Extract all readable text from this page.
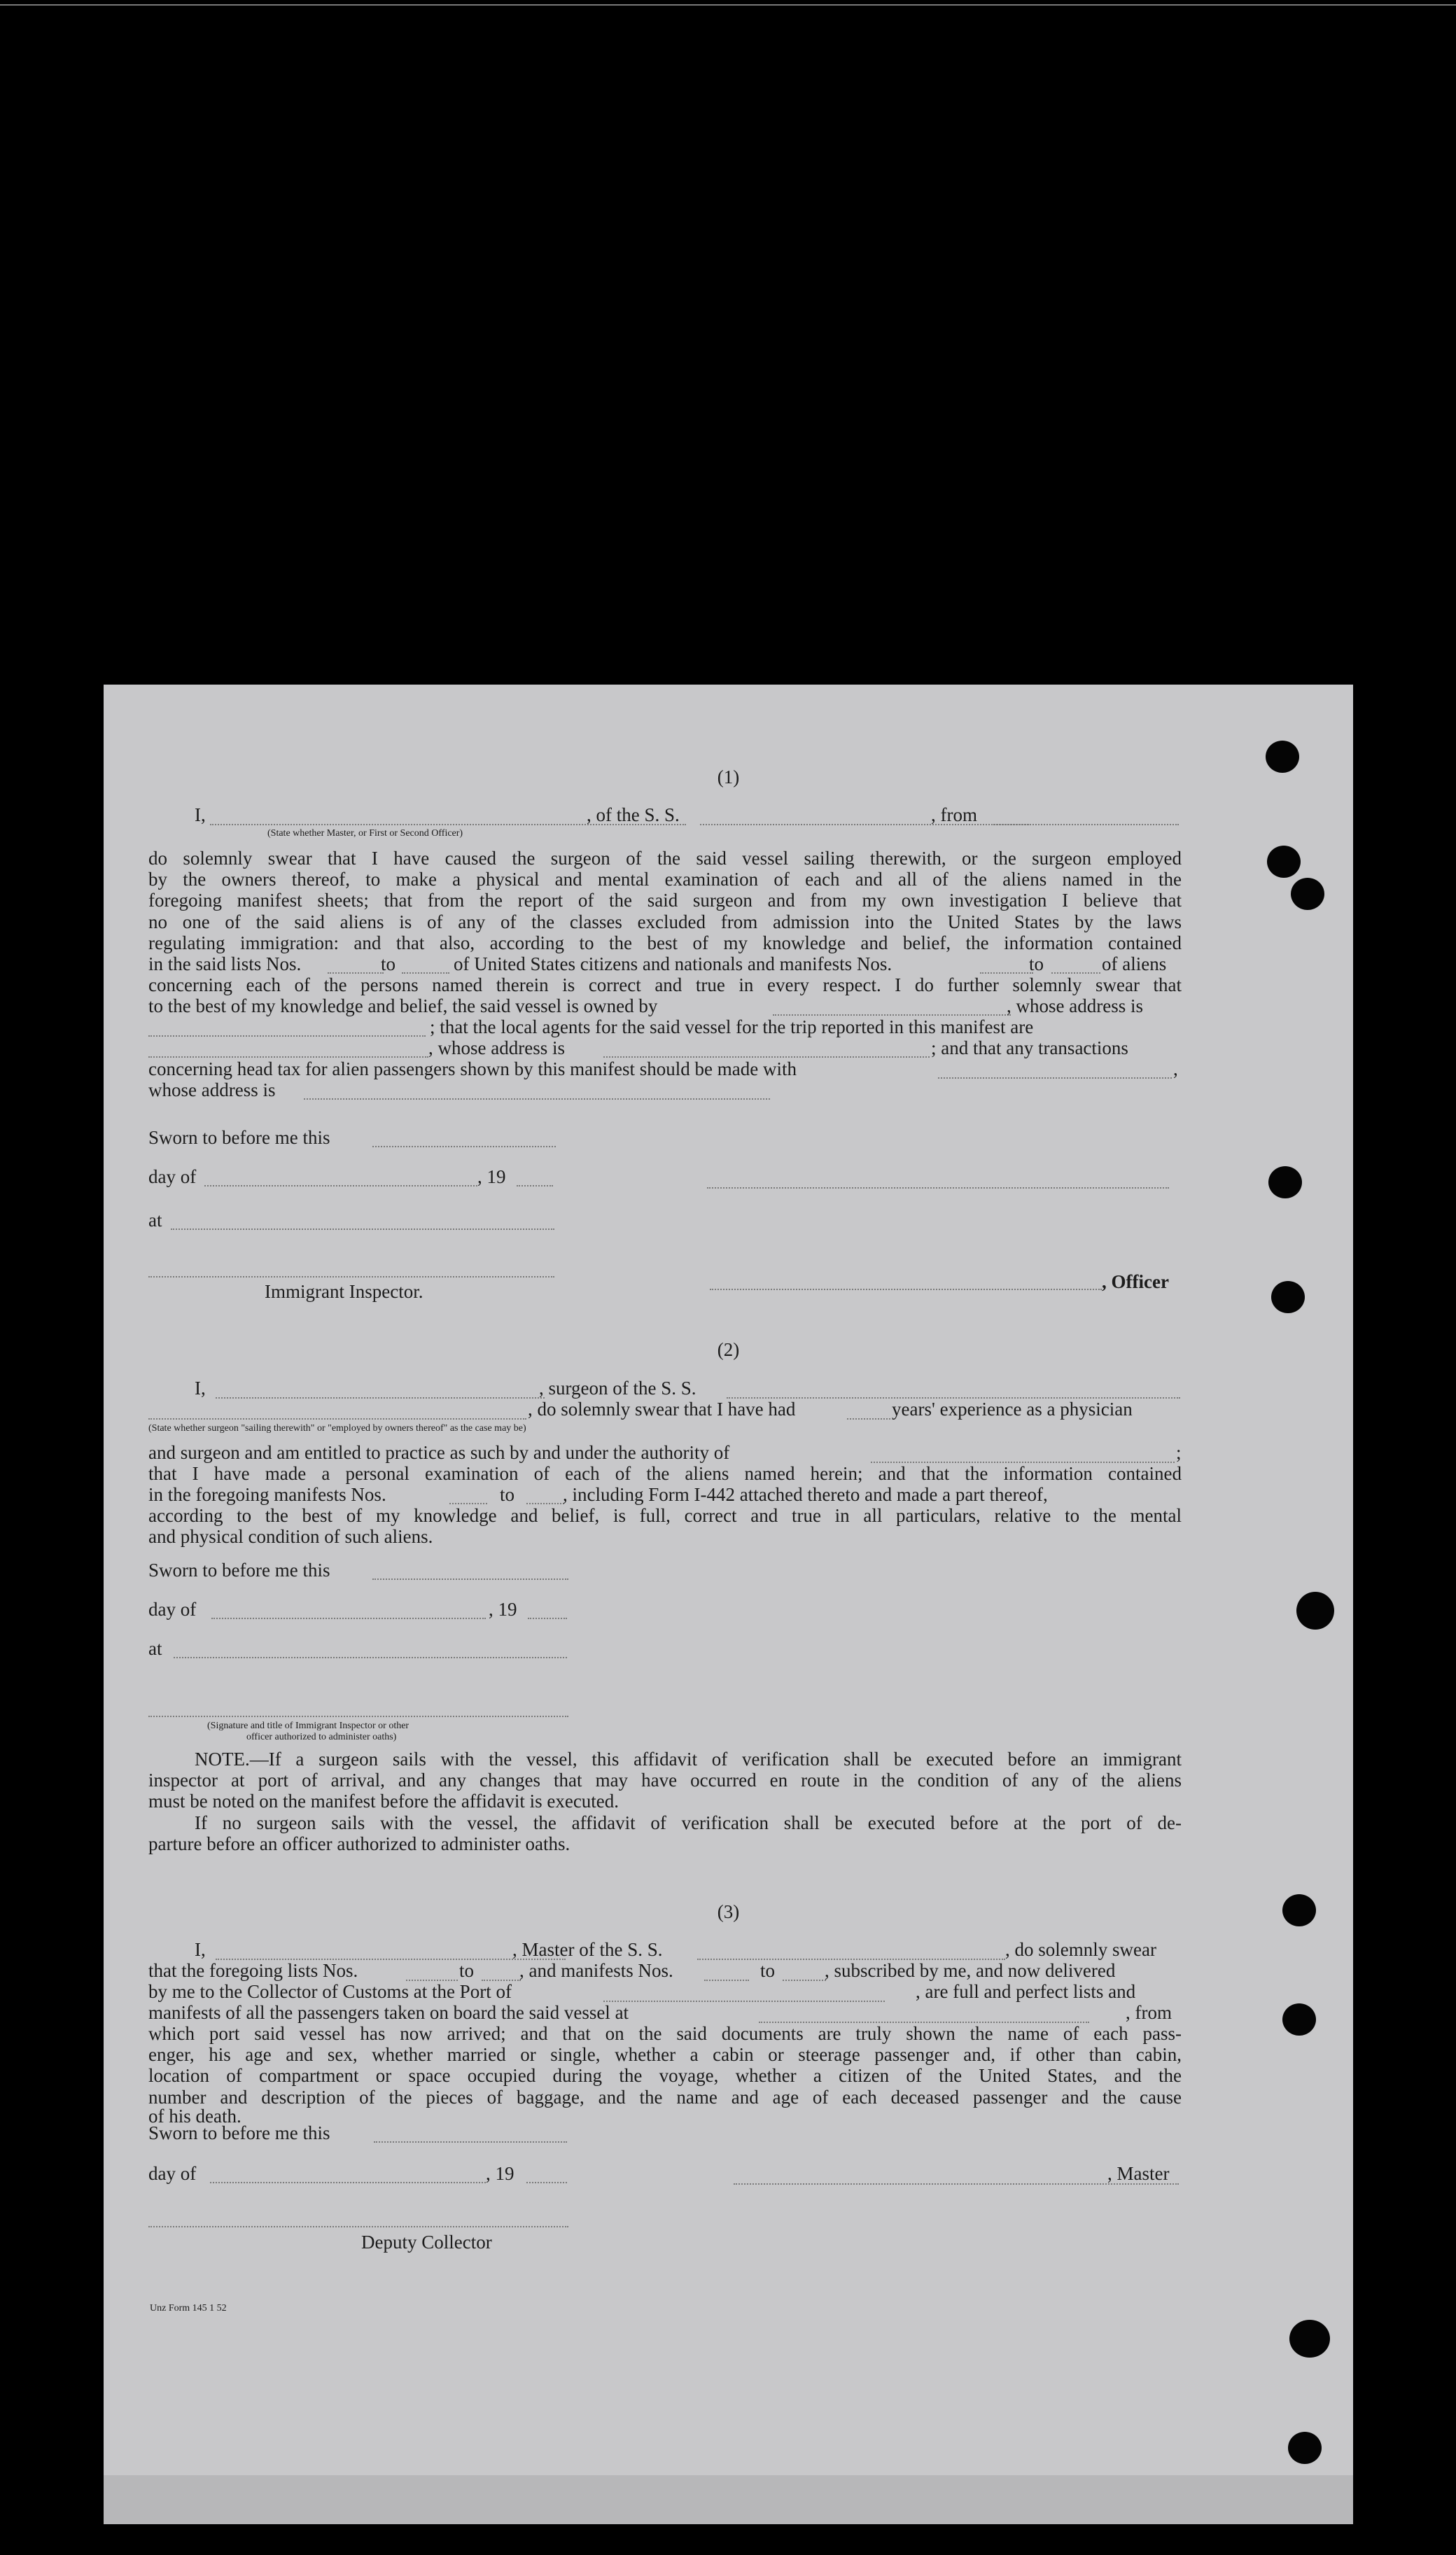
(1)
I,	, of the S. S.	, from
(State whether Master, or First or Second Officer)
do solemnly swear that I have caused the surgeon of the said vessel sailing therewith, or the surgeon employed
by the owners thereof, to make a physical and mental examination of each and all of the aliens named in the
foregoing manifest sheets; that from the report of the said surgeon and from my own investigation I believe that
no one of the said aliens is of any of the classes excluded from admission into the United States by the laws
regulating immigration: and that also, according to the best of my knowledge and belief, the information contained
in the said lists Nos.	to	of United States citizens and nationals and manifests Nos.	to	of aliens
concerning each of the persons named therein is correct and true in every respect. I do further solemnly swear that
to the best of my knowledge and belief, the said vessel is owned by	, whose address is
; that the local agents for the said vessel for the trip reported in this manifest are
, whose address is	; and that any transactions
concerning head tax for alien passengers shown by this manifest should be made with	,
whose address is
Sworn to before me this
day of	, 19
at
Immigrant Inspector.	, Officer
(2)
I,	, surgeon of the S. S.
, do solemnly swear that I have had	years' experience as a physician
(State whether surgeon "sailing therewith" or "employed by owners thereof" as the case may be)
and surgeon and am entitled to practice as such by and under the authority of	;
that I have made a personal examination of each of the aliens named herein; and that the information contained
in the foregoing manifests Nos.	to	, including Form I-442 attached thereto and made a part thereof,
according to the best of my knowledge and belief, is full, correct and true in all particulars, relative to the mental
and physical condition of such aliens.
Sworn to before me this
day of	, 19
at
(Signature and title of Immigrant Inspector or other
officer authorized to administer oaths)
NOTE.—If a surgeon sails with the vessel, this affidavit of verification shall be executed before an immigrant
inspector at port of arrival, and any changes that may have occurred en route in the condition of any of the aliens
must be noted on the manifest before the affidavit is executed.
If no surgeon sails with the vessel, the affidavit of verification shall be executed before at the port of de-
parture before an officer authorized to administer oaths.
(3)
I,	, Master of the S. S.	, do solemnly swear
that the foregoing lists Nos.	to , and manifests Nos.	to	, subscribed by me, and now delivered
by me to the Collector of Customs at the Port of	, are full and perfect lists and
manifests of all the passengers taken on board the said vessel at	, from
which port said vessel has now arrived; and that on the said documents are truly shown the name of each pass-
enger, his age and sex, whether married or single, whether a cabin or steerage passenger and, if other than cabin,
location of compartment or space occupied during the voyage, whether a citizen of the United States, and the
number and description of the pieces of baggage, and the name and age of each deceased passenger and the cause
of his death.
Sworn to before me this
day of	, 19	, Master
Deputy Collector
Unz Form 145 1 52
